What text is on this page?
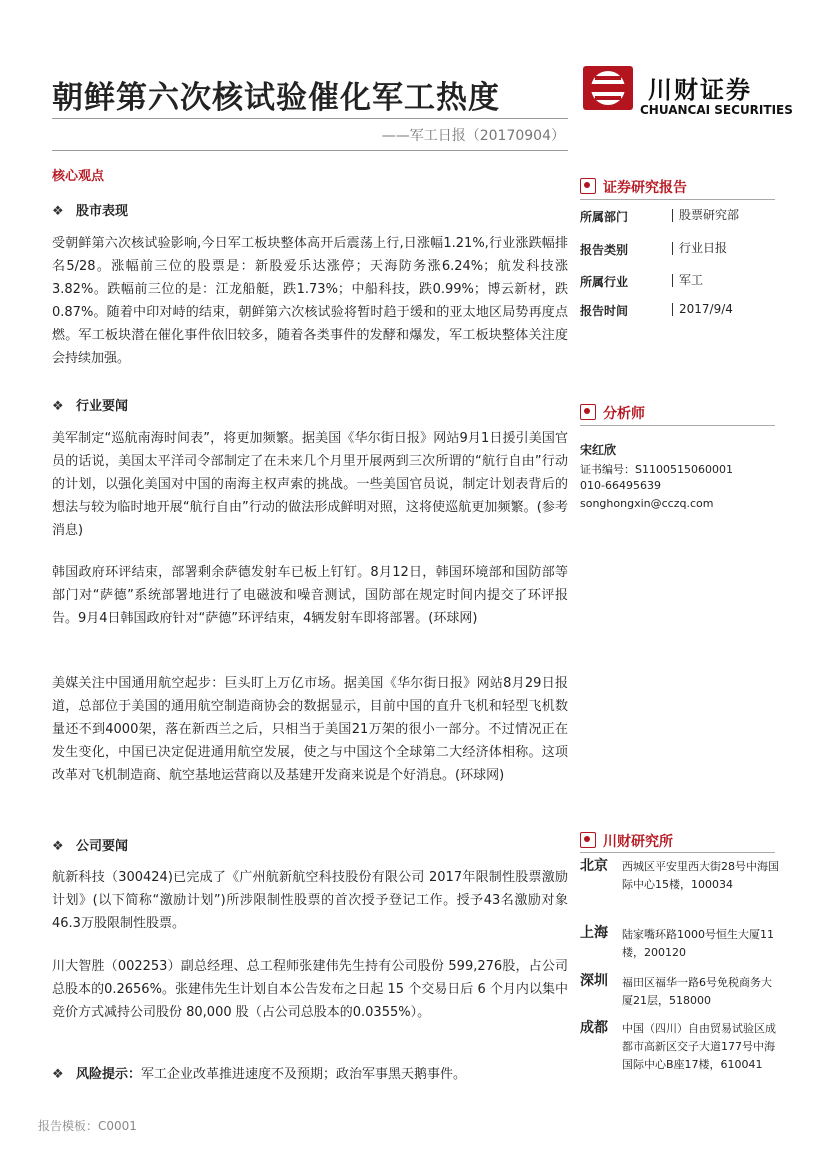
朝鲜第六次核试验催化军工热度
——军工日报（20170904）
川财证券
CHUANCAI SECURITIES
核心观点
❖ 股市表现
受朝鲜第六次核试验影响,今日军工板块整体高开后震荡上行,日涨幅1.21%,行业涨跌幅排名5/28。涨幅前三位的股票是：新股爱乐达涨停；天海防务涨6.24%；航发科技涨3.82%。跌幅前三位的是：江龙船艇，跌1.73%；中船科技，跌0.99%；博云新材，跌0.87%。随着中印对峙的结束，朝鲜第六次核试验将暂时趋于缓和的亚太地区局势再度点燃。军工板块潜在催化事件依旧较多，随着各类事件的发酵和爆发，军工板块整体关注度会持续加强。
❖ 行业要闻
美军制定“巡航南海时间表”，将更加频繁。据美国《华尔街日报》网站9月1日援引美国官员的话说，美国太平洋司令部制定了在未来几个月里开展两到三次所谓的“航行自由”行动的计划，以强化美国对中国的南海主权声索的挑战。一些美国官员说，制定计划表背后的想法与较为临时地开展“航行自由”行动的做法形成鲜明对照，这将使巡航更加频繁。(参考消息)
韩国政府环评结束，部署剩余萨德发射车已板上钉钉。8月12日，韩国环境部和国防部等部门对“萨德”系统部署地进行了电磁波和噪音测试，国防部在规定时间内提交了环评报告。9月4日韩国政府针对“萨德”环评结束，4辆发射车即将部署。(环球网)
美媒关注中国通用航空起步：巨头盯上万亿市场。据美国《华尔街日报》网站8月29日报道，总部位于美国的通用航空制造商协会的数据显示，目前中国的直升飞机和轻型飞机数量还不到4000架，落在新西兰之后，只相当于美国21万架的很小一部分。不过情况正在发生变化，中国已决定促进通用航空发展，使之与中国这个全球第二大经济体相称。这项改革对飞机制造商、航空基地运营商以及基建开发商来说是个好消息。(环球网)
❖ 公司要闻
航新科技（300424)已完成了《广州航新航空科技股份有限公司 2017年限制性股票激励计划》(以下简称“激励计划”)所涉限制性股票的首次授予登记工作。授予43名激励对象46.3万股限制性股票。
川大智胜（002253）副总经理、总工程师张建伟先生持有公司股份 599,276股，占公司总股本的0.2656%。张建伟先生计划自本公告发布之日起 15 个交易日后 6 个月内以集中竞价方式减持公司股份 80,000 股（占公司总股本的0.0355%）。
❖ 风险提示：军工企业改革推进速度不及预期；政治军事黑天鹅事件。
证券研究报告
所属部门	股票研究部
报告类别	行业日报
所属行业	军工
报告时间	2017/9/4
分析师
宋红欣
证书编号：S1100515060001
010-66495639
songhongxin@cczq.com
川财研究所
北京 西城区平安里西大街28号中海国际中心15楼，100034
上海 陆家嘴环路1000号恒生大厦11楼，200120
深圳 福田区福华一路6号免税商务大厦21层，518000
成都 中国（四川）自由贸易试验区成都市高新区交子大道177号中海国际中心B座17楼，610041
报告模板：C0001
